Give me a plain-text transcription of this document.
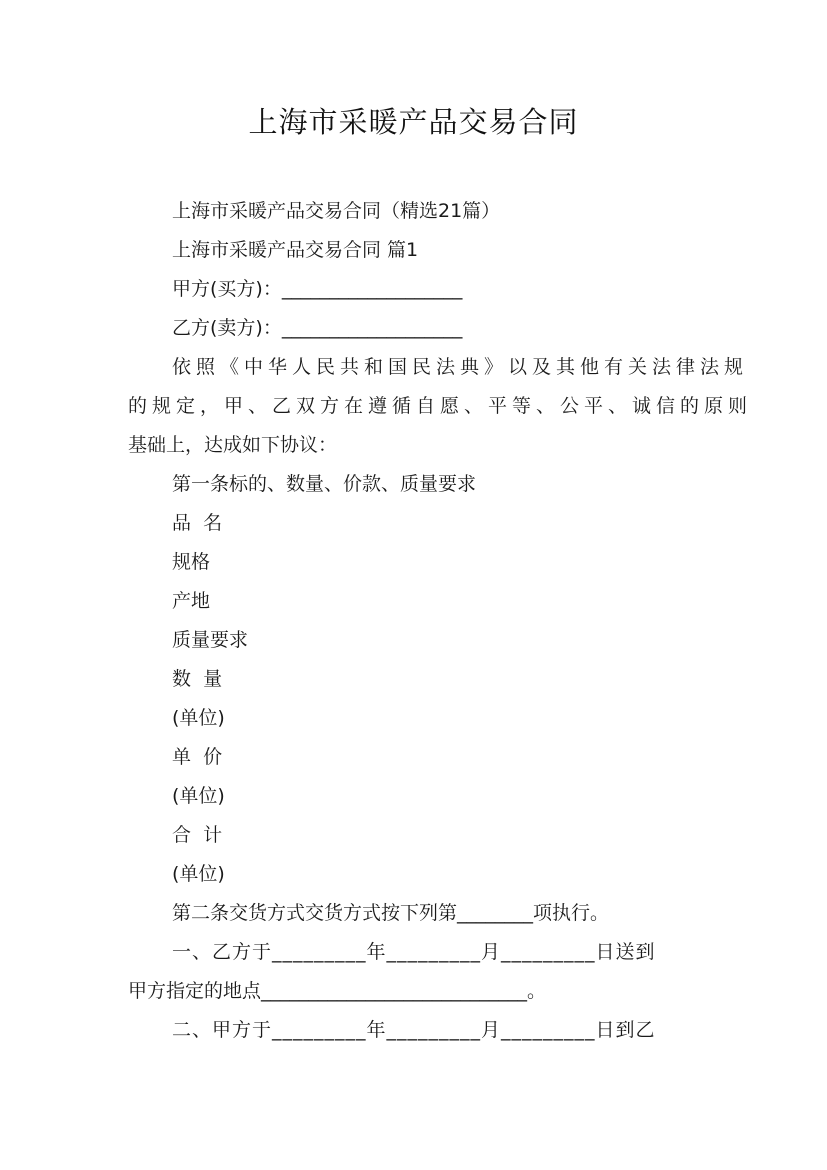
上海市采暖产品交易合同
上海市采暖产品交易合同（精选21篇）
上海市采暖产品交易合同 篇1
甲方(买方)：___________________
乙方(卖方)：___________________
依照《中华人民共和国民法典》以及其他有关法律法规
的规定，甲、乙双方在遵循自愿、平等、公平、诚信的原则
基础上，达成如下协议：
第一条标的、数量、价款、质量要求
品  名
规格
产地
质量要求
数  量
(单位)
单  价
(单位)
合  计
(单位)
第二条交货方式交货方式按下列第________项执行。
一、乙方于_________年_________月_________日送到
甲方指定的地点____________________________。
二、甲方于_________年_________月_________日到乙
